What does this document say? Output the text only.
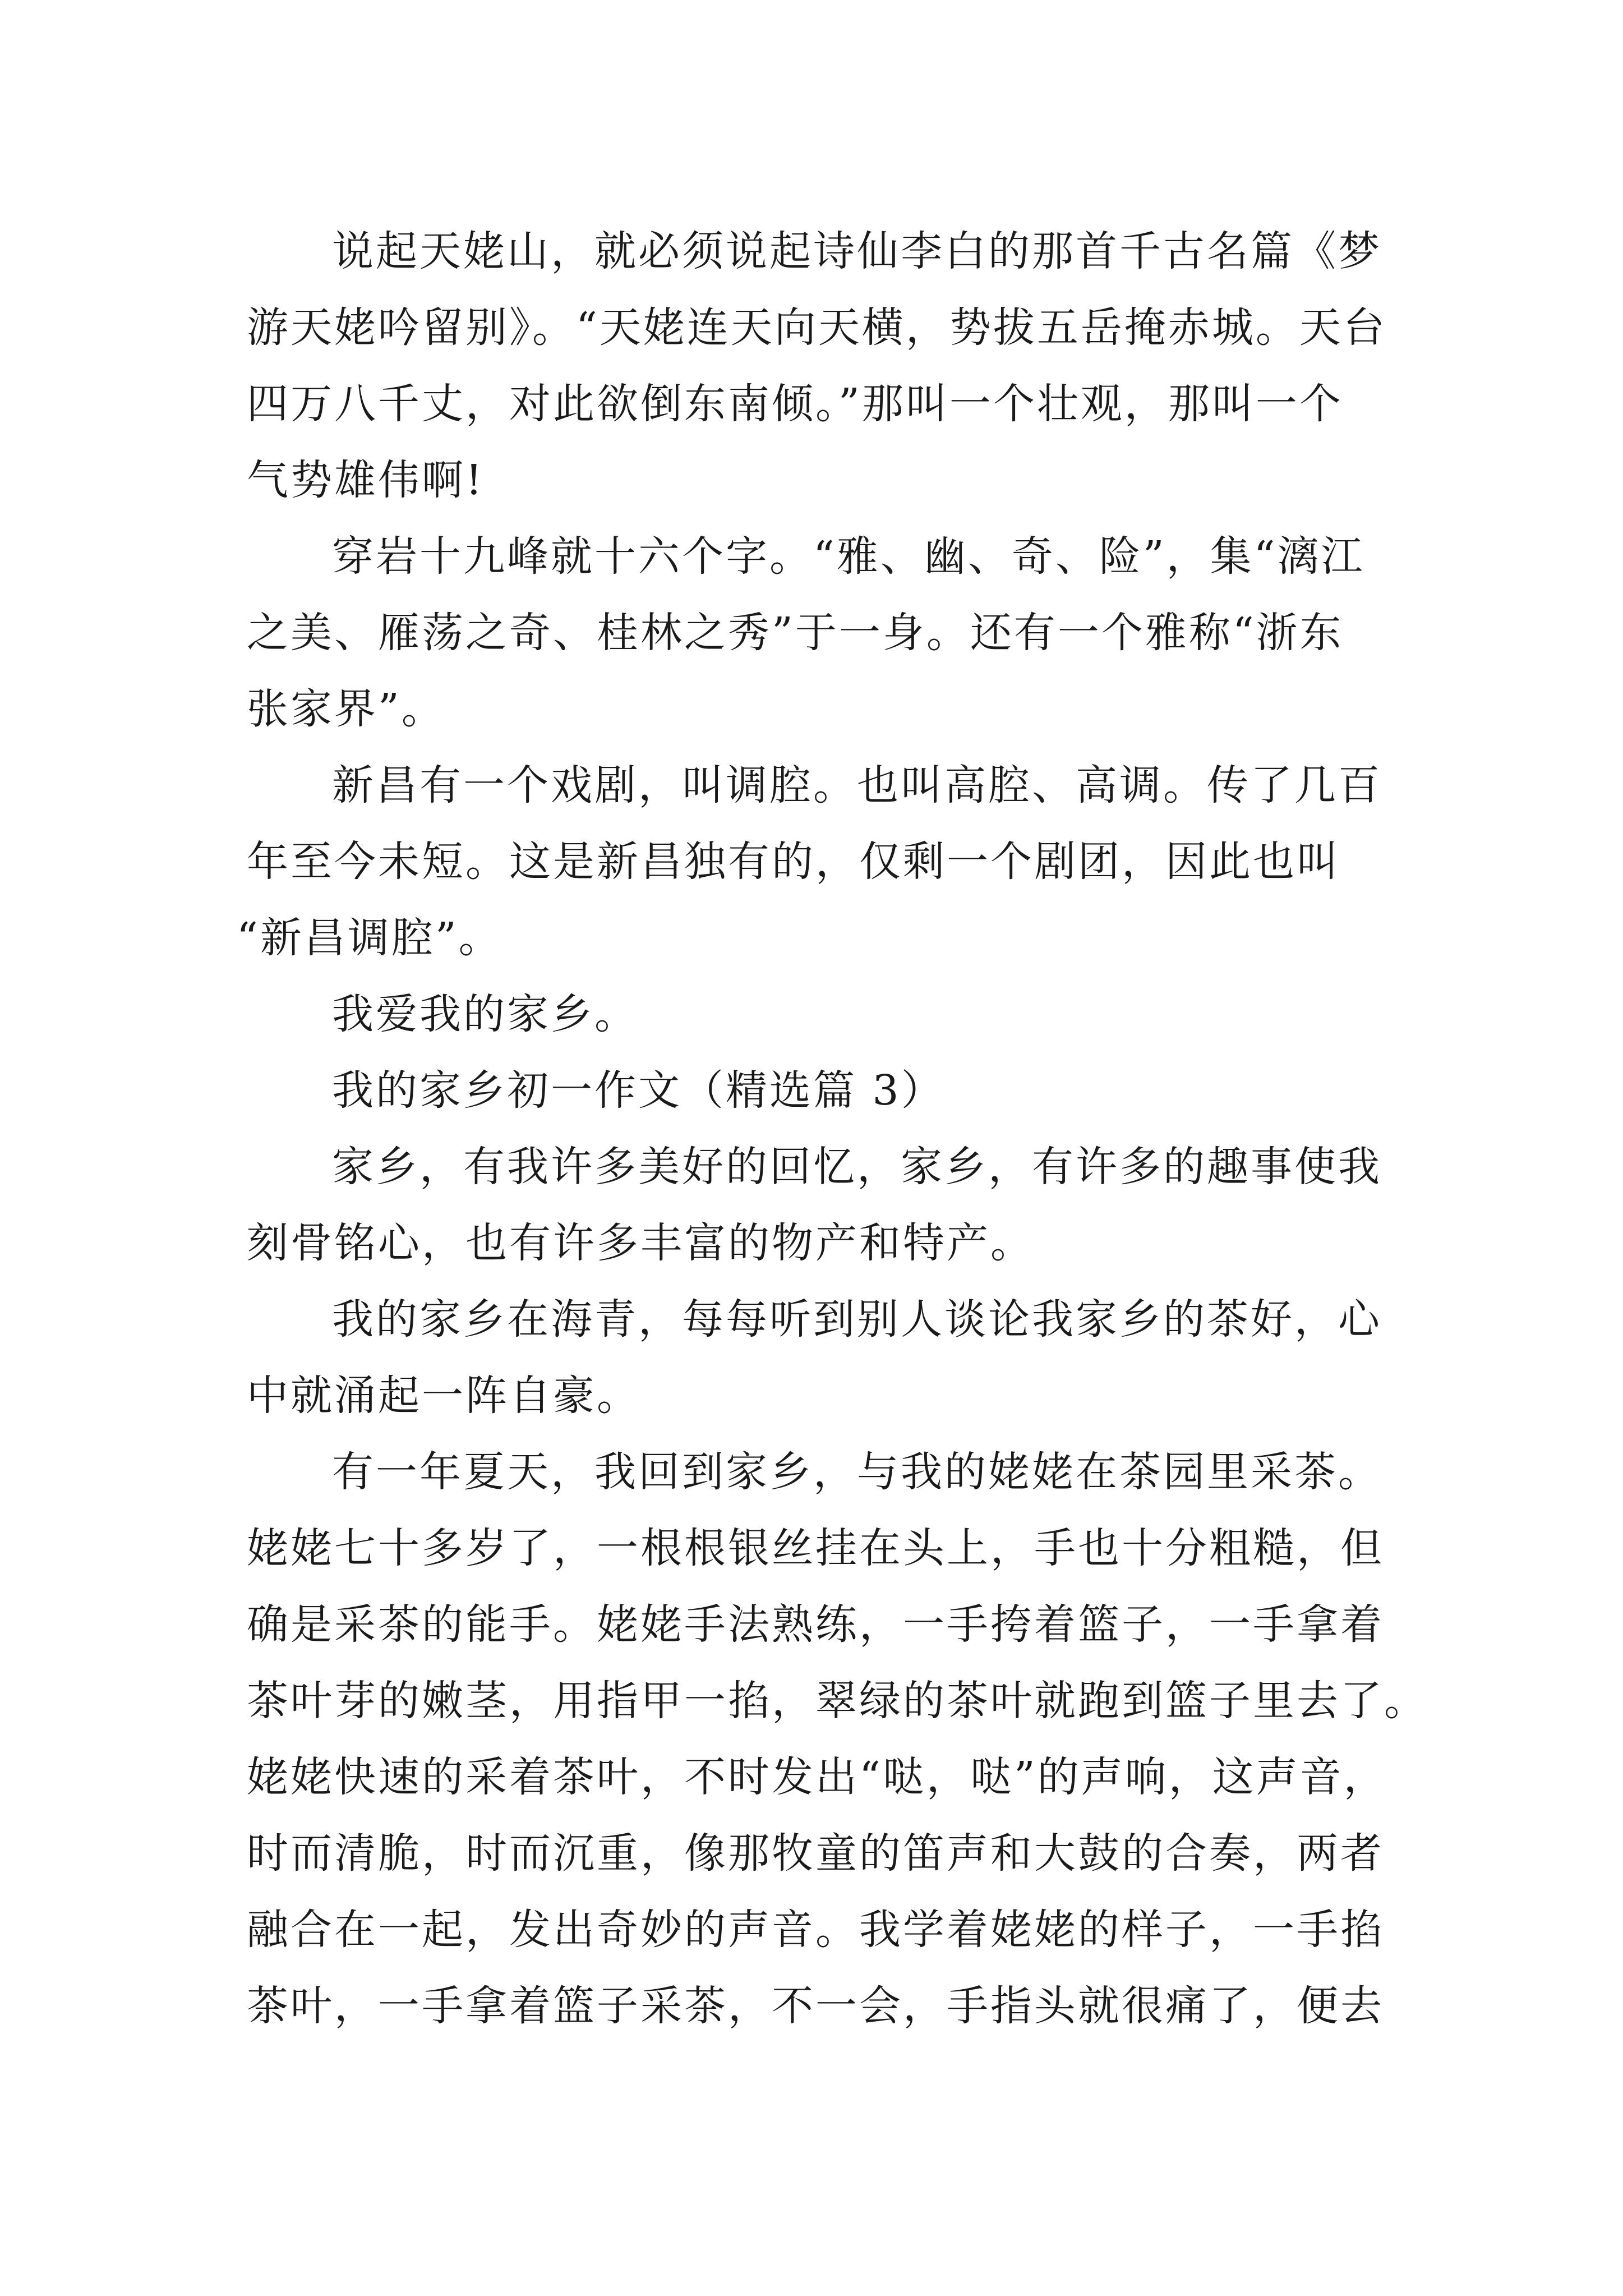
说起天姥山，就必须说起诗仙李白的那首千古名篇《梦
游天姥吟留别》。“天姥连天向天横，势拔五岳掩赤城。天台
四万八千丈，对此欲倒东南倾。”那叫一个壮观，那叫一个
气势雄伟啊!
穿岩十九峰就十六个字。“雅、幽、奇、险”，集“漓江
之美、雁荡之奇、桂林之秀”于一身。还有一个雅称“浙东
张家界”。
新昌有一个戏剧，叫调腔。也叫高腔、高调。传了几百
年至今未短。这是新昌独有的，仅剩一个剧团，因此也叫
“新昌调腔”。
我爱我的家乡。
我的家乡初一作文（精选篇 3）
家乡，有我许多美好的回忆，家乡，有许多的趣事使我
刻骨铭心，也有许多丰富的物产和特产。
我的家乡在海青，每每听到别人谈论我家乡的茶好，心
中就涌起一阵自豪。
有一年夏天，我回到家乡，与我的姥姥在茶园里采茶。
姥姥七十多岁了，一根根银丝挂在头上，手也十分粗糙，但
确是采茶的能手。姥姥手法熟练，一手挎着篮子，一手拿着
茶叶芽的嫩茎，用指甲一掐，翠绿的茶叶就跑到篮子里去了。
姥姥快速的采着茶叶，不时发出“哒，哒”的声响，这声音，
时而清脆，时而沉重，像那牧童的笛声和大鼓的合奏，两者
融合在一起，发出奇妙的声音。我学着姥姥的样子，一手掐
茶叶，一手拿着篮子采茶，不一会，手指头就很痛了，便去
